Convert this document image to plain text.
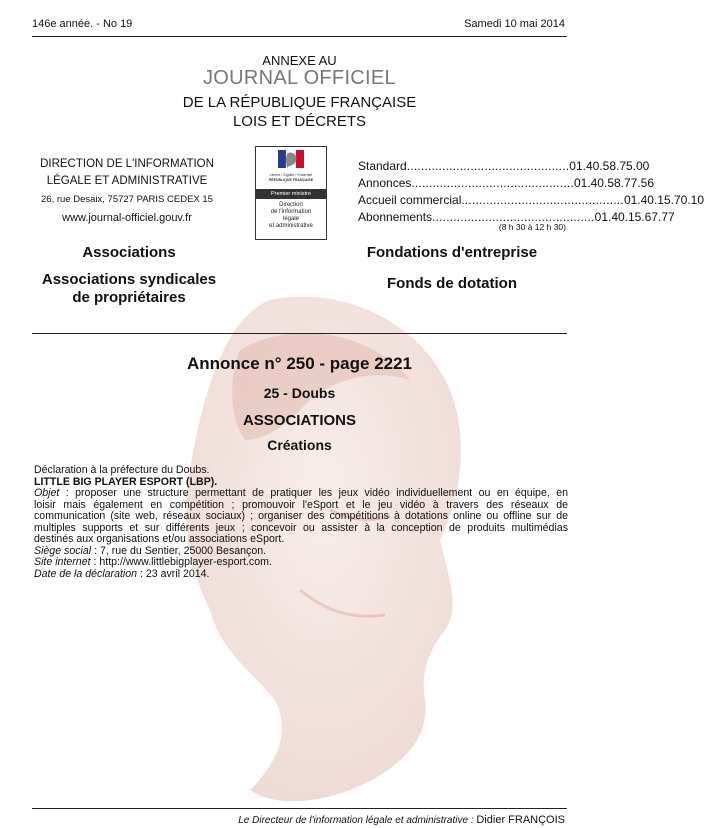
146e année. - No 19	Samedi 10 mai 2014
ANNEXE AU
JOURNAL OFFICIEL
DE LA RÉPUBLIQUE FRANÇAISE
LOIS ET DÉCRETS
DIRECTION DE L'INFORMATION
LÉGALE ET ADMINISTRATIVE
26, rue Desaix, 75727 PARIS CEDEX 15
www.journal-officiel.gouv.fr
Liberté • Égalité • Fraternité
RÉPUBLIQUE FRANÇAISE
Premier ministre
Direction
de l'information
légale
et administrative
Standard .............................................. 01.40.58.75.00
Annonces .............................................. 01.40.58.77.56
Accueil commercial .............................................. 01.40.15.70.10
Abonnements .............................................. 01.40.15.67.77
(8 h 30 à 12 h 30)
Associations
Associations syndicales
de propriétaires
Fondations d'entreprise
Fonds de dotation
Annonce n° 250 - page 2221
25 - Doubs
ASSOCIATIONS
Créations
Déclaration à la préfecture du Doubs.
LITTLE BIG PLAYER ESPORT (LBP).
Objet : proposer une structure permettant de pratiquer les jeux vidéo individuellement ou en équipe, en
loisir mais également en compétition ; promouvoir l'eSport et le jeu vidéo à travers des réseaux de
communication (site web, réseaux sociaux) ; organiser des compétitions à dotations online ou offline sur de
multiples supports et sur différents jeux ; concevoir ou assister à la conception de produits multimédias
destinés aux organisations et/ou associations eSport.
Siège social : 7, rue du Sentier, 25000 Besançon.
Site internet : http://www.littlebigplayer-esport.com.
Date de la déclaration : 23 avril 2014.
Le Directeur de l'information légale et administrative : Didier FRANÇOIS
